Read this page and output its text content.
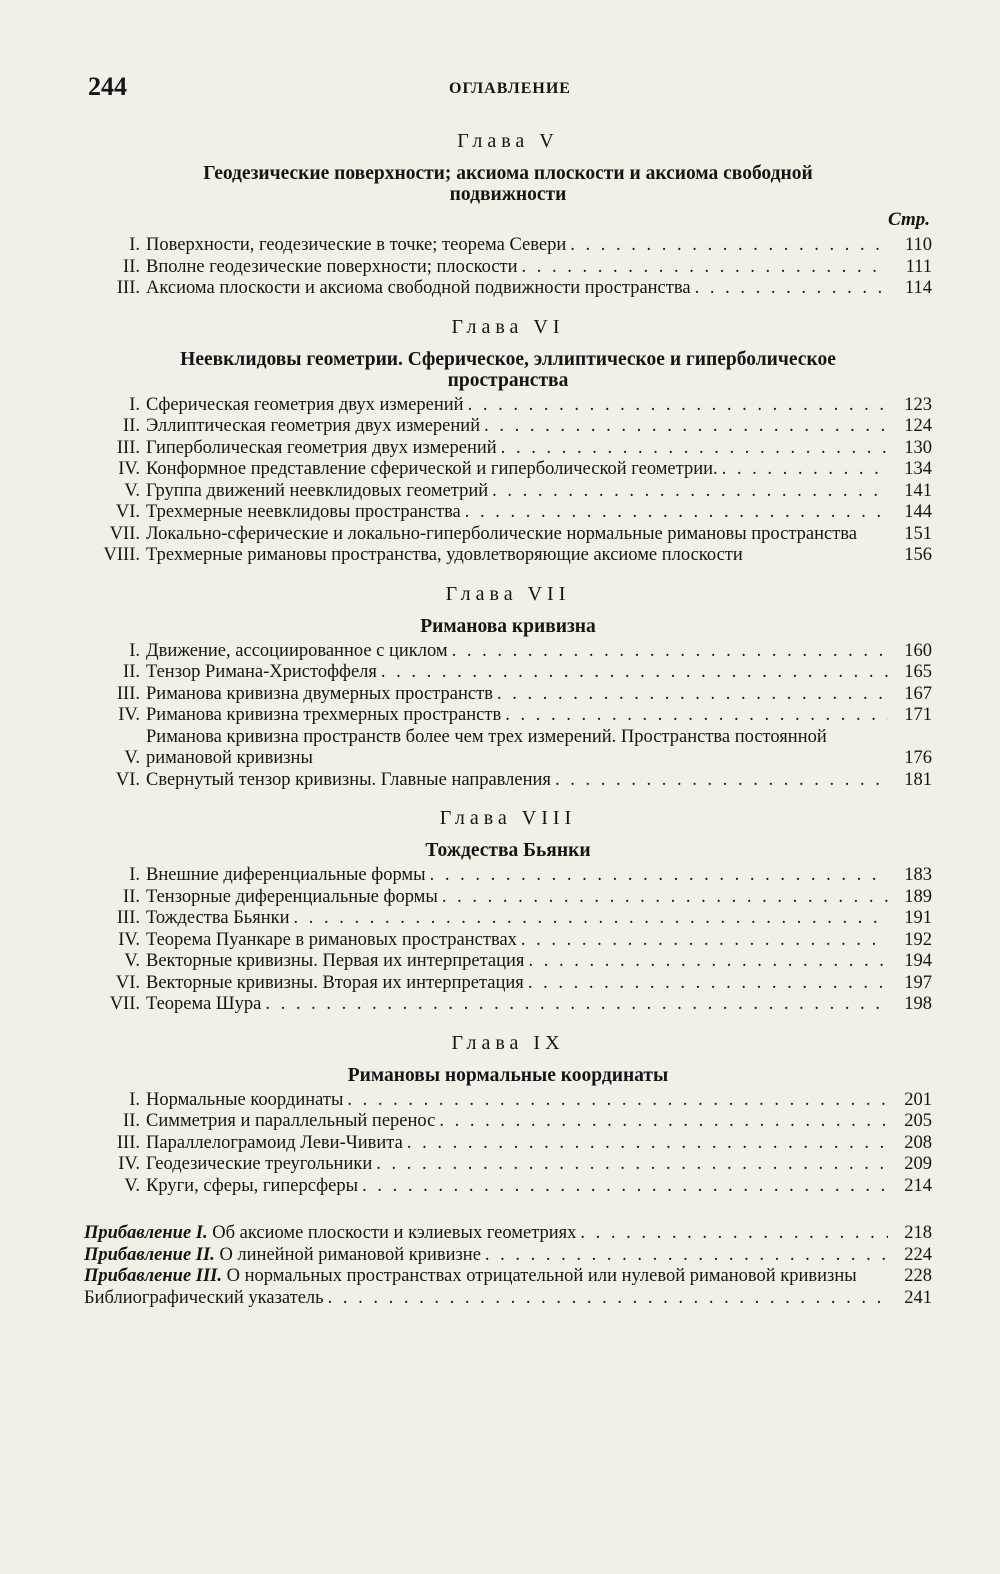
244	ОГЛАВЛЕНИЕ
Глава V
Геодезические поверхности; аксиома плоскости и аксиома свободной подвижности
Стр.
I. Поверхности, геодезические в точке; теорема Севери . . .	110
II. Вполне геодезические поверхности; плоскости . . .	111
III. Аксиома плоскости и аксиома свободной подвижности пространства . . .	114
Глава VI
Неевклидовы геометрии. Сферическое, эллиптическое и гиперболическое пространства
I. Сферическая геометрия двух измерений . . .	123
II. Эллиптическая геометрия двух измерений . . .	124
III. Гиперболическая геометрия двух измерений . . .	130
IV. Конформное представление сферической и гиперболической геометрии. . . .	134
V. Группа движений неевклидовых геометрий . . .	141
VI. Трехмерные неевклидовы пространства . . .	144
VII. Локально-сферические и локально-гиперболические нормальные римановы пространства	151
VIII. Трехмерные римановы пространства, удовлетворяющие аксиоме плоскости	156
Глава VII
Риманова кривизна
I. Движение, ассоциированное с циклом . . .	160
II. Тензор Римана-Христоффеля . . .	165
III. Риманова кривизна двумерных пространств . . .	167
IV. Риманова кривизна трехмерных пространств . . .	171
V.
Риманова кривизна пространств более чем трех измерений. Пространства постоянной римановой кривизны	176
VI. Свернутый тензор кривизны. Главные направления . . .	181
Глава VIII
Тождества Бьянки
I. Внешние диференциальные формы . . .	183
II. Тензорные диференциальные формы . . .	189
III. Тождества Бьянки . . .	191
IV. Теорема Пуанкаре в римановых пространствах . . .	192
V. Векторные кривизны. Первая их интерпретация . . .	194
VI. Векторные кривизны. Вторая их интерпретация . . .	197
VII. Теорема Шура . . .	198
Глава IX
Римановы нормальные координаты
I. Нормальные координаты . . .	201
II. Симметрия и параллельный перенос . . .	205
III. Параллелограмоид Леви-Чивита . . .	208
IV. Геодезические треугольники . . .	209
V. Круги, сферы, гиперсферы . . .	214
Прибавление I. Об аксиоме плоскости и кэлиевых геометриях . . .	218
Прибавление II. О линейной римановой кривизне . . .	224
Прибавление III. О нормальных пространствах отрицательной или нулевой римановой кривизны	228
Библиографический указатель . . .	241
